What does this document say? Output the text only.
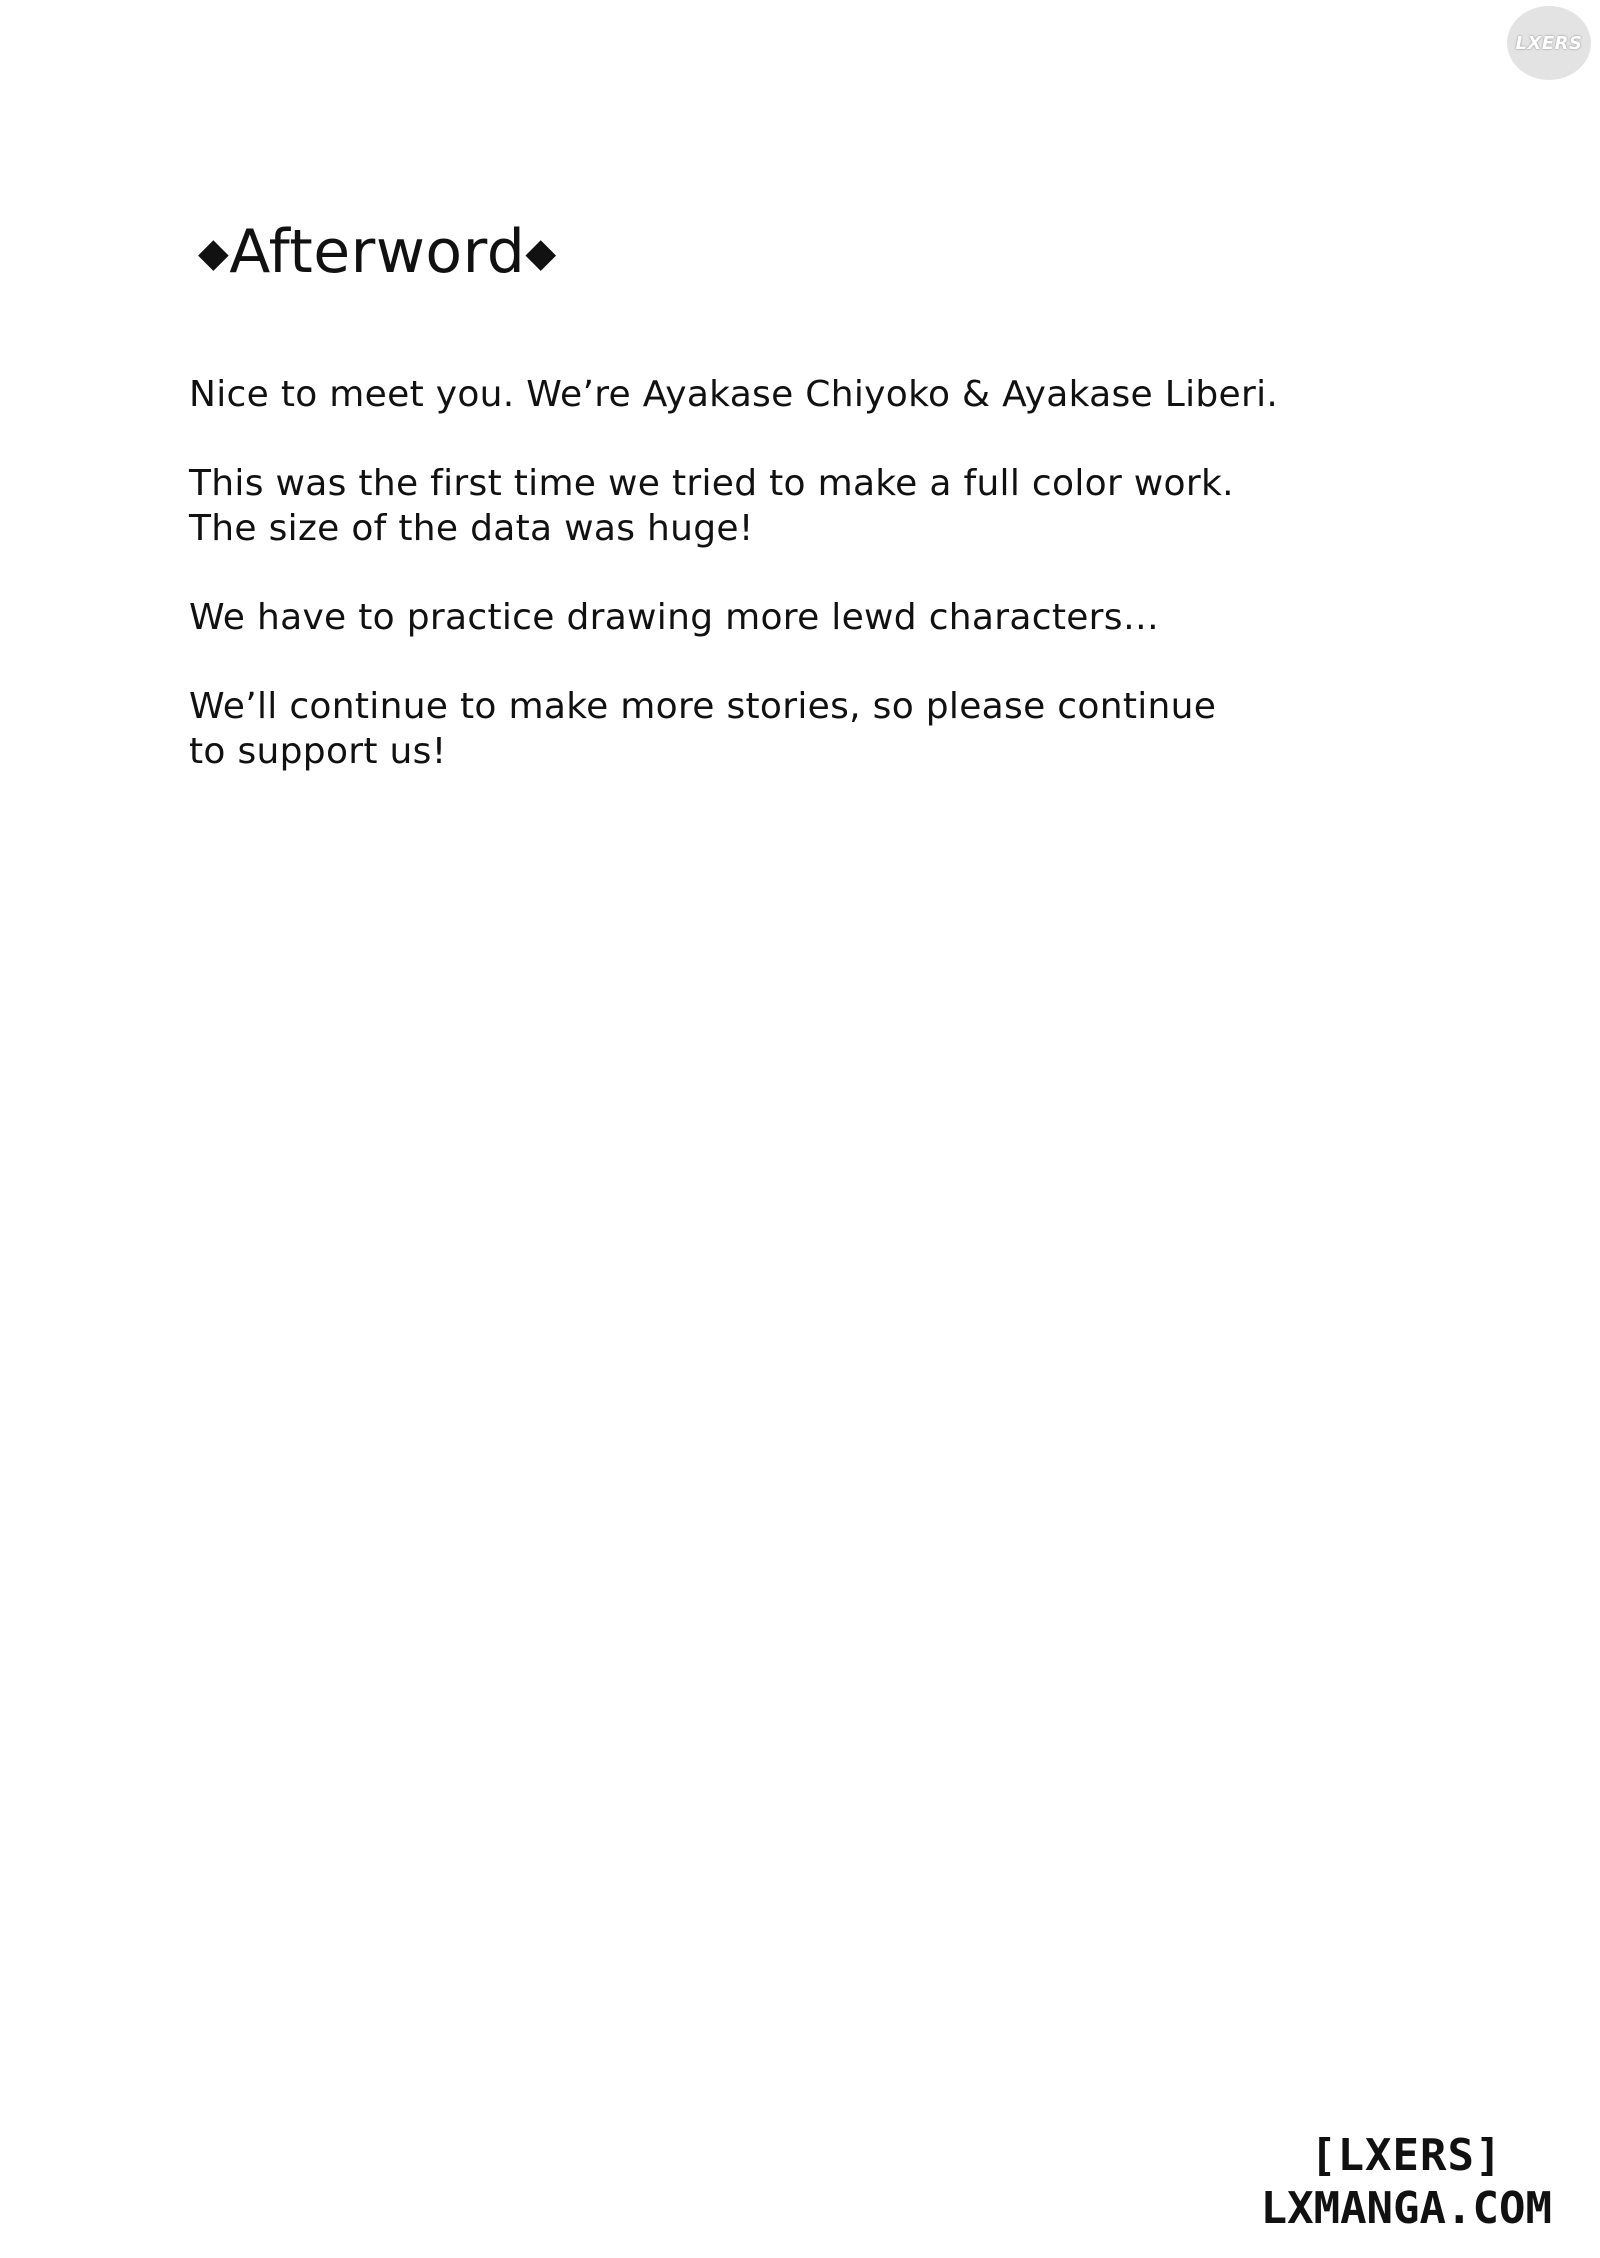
LXERS
◆Afterword◆

Nice to meet you. We’re Ayakase Chiyoko & Ayakase Liberi.

This was the first time we tried to make a full color work.
The size of the data was huge!

We have to practice drawing more lewd characters…

We’ll continue to make more stories, so please continue
to support us!

[LXERS]
LXMANGA.COM
